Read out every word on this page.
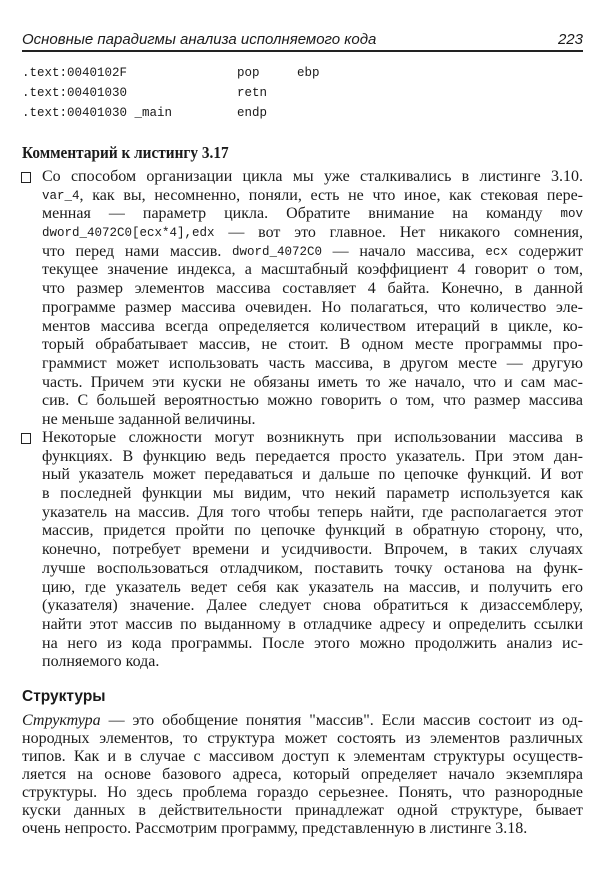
Основные парадигмы анализа исполняемого кода	223
.text:0040102F	pop	ebp
.text:00401030	retn
.text:00401030 _main	endp
Комментарий к листингу 3.17
Со способом организации цикла мы уже сталкивались в листинге 3.10.
var_4 , как вы, несомненно, поняли, есть не что иное, как стековая пере-
менная — параметр цикла. Обратите внимание на команду mov
dword_4072C0[ecx*4],edx — вот это главное. Нет никакого сомнения,
что перед нами массив. dword_4072C0 — начало массива, ecx содержит
текущее значение индекса, а масштабный коэффициент 4 говорит о том,
что размер элементов массива составляет 4 байта. Конечно, в данной
программе размер массива очевиден. Но полагаться, что количество эле-
ментов массива всегда определяется количеством итераций в цикле, ко-
торый обрабатывает массив, не стоит. В одном месте программы про-
граммист может использовать часть массива, в другом месте — другую
часть. Причем эти куски не обязаны иметь то же начало, что и сам мас-
сив. С большей вероятностью можно говорить о том, что размер массива
не меньше заданной величины.
Некоторые сложности могут возникнуть при использовании массива в
функциях. В функцию ведь передается просто указатель. При этом дан-
ный указатель может передаваться и дальше по цепочке функций. И вот
в последней функции мы видим, что некий параметр используется как
указатель на массив. Для того чтобы теперь найти, где располагается этот
массив, придется пройти по цепочке функций в обратную сторону, что,
конечно, потребует времени и усидчивости. Впрочем, в таких случаях
лучше воспользоваться отладчиком, поставить точку останова на функ-
цию, где указатель ведет себя как указатель на массив, и получить его
(указателя) значение. Далее следует снова обратиться к дизассемблеру,
найти этот массив по выданному в отладчике адресу и определить ссылки
на него из кода программы. После этого можно продолжить анализ ис-
полняемого кода.
Структуры
Структура — это обобщение понятия "массив". Если массив состоит из од-
нородных элементов, то структура может состоять из элементов различных
типов. Как и в случае с массивом доступ к элементам структуры осуществ-
ляется на основе базового адреса, который определяет начало экземпляра
структуры. Но здесь проблема гораздо серьезнее. Понять, что разнородные
куски данных в действительности принадлежат одной структуре, бывает
очень непросто. Рассмотрим программу, представленную в листинге 3.18.
